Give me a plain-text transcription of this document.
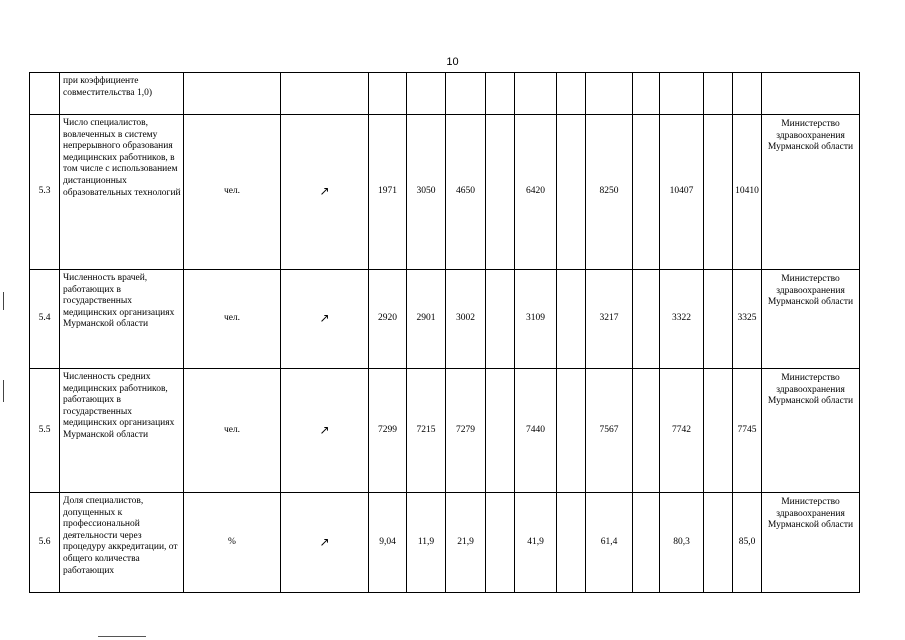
10
	при коэффициенте совместительства 1,0)														
5.3	Число специалистов, вовлеченных в систему непрерывного образования медицинских работников, в том числе с использованием дистанционных образовательных технологий	чел.	↗	1971	3050	4650		6420		8250		10407		10410	Министерство здравоохранения Мурманской области
5.4	Численность врачей, работающих в государственных медицинских организациях Мурманской области	чел.	↗	2920	2901	3002		3109		3217		3322		3325	Министерство здравоохранения Мурманской области
5.5	Численность средних медицинских работников, работающих в государственных медицинских организациях Мурманской области	чел.	↗	7299	7215	7279		7440		7567		7742		7745	Министерство здравоохранения Мурманской области
5.6	Доля специалистов, допущенных к профессиональной деятельности через процедуру аккредитации, от общего количества работающих	%	↗	9,04	11,9	21,9		41,9		61,4		80,3		85,0	Министерство здравоохранения Мурманской области
